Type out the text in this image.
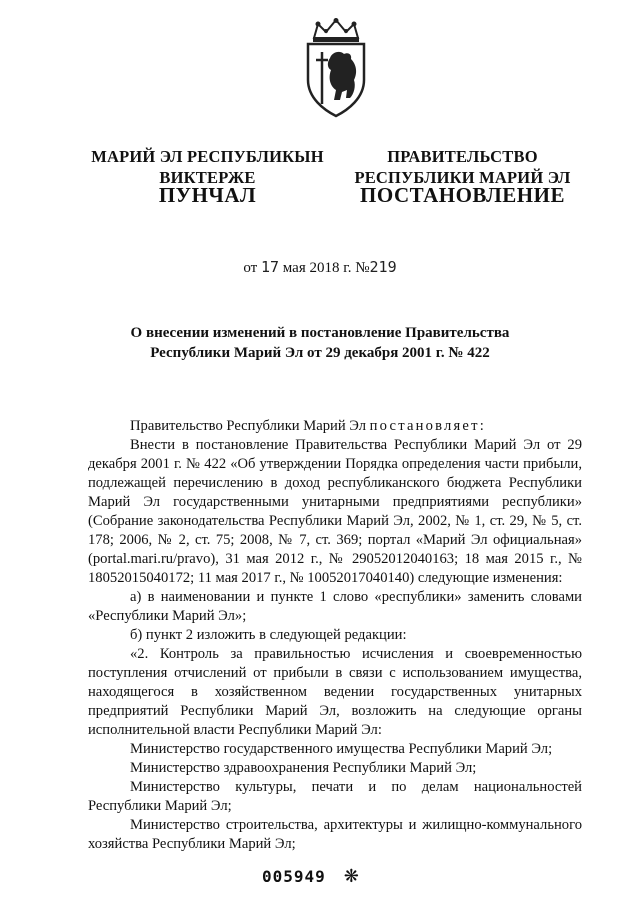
МАРИЙ ЭЛ РЕСПУБЛИКЫН
ВИКТЕРЖЕ
ПРАВИТЕЛЬСТВО
РЕСПУБЛИКИ МАРИЙ ЭЛ
ПУНЧАЛ	ПОСТАНОВЛЕНИЕ
от 17 мая 2018 г. №219
О внесении изменений в постановление Правительства
Республики Марий Эл от 29 декабря 2001 г. № 422

Правительство Республики Марий Эл постановляет:

Внести в постановление Правительства Республики Марий Эл от 29 декабря 2001 г. № 422 «Об утверждении Порядка определения части прибыли, подлежащей перечислению в доход республиканского бюджета Республики Марий Эл государственными унитарными предприятиями республики» (Собрание законодательства Республики Марий Эл, 2002, № 1, ст. 29, № 5, ст. 178; 2006, № 2, ст. 75; 2008, № 7, ст. 369; портал «Марий Эл официальная» (portal.mari.ru/pravo), 31 мая 2012 г., № 29052012040163; 18 мая 2015 г., № 18052015040172; 11 мая 2017 г., № 10052017040140) следующие изменения:

а) в наименовании и пункте 1 слово «республики» заменить словами «Республики Марий Эл»;

б) пункт 2 изложить в следующей редакции:

«2. Контроль за правильностью исчисления и своевременностью поступления отчислений от прибыли в связи с использованием имущества, находящегося в хозяйственном ведении государственных унитарных предприятий Республики Марий Эл, возложить на следующие органы исполнительной власти Республики Марий Эл:

Министерство государственного имущества Республики Марий Эл;

Министерство здравоохранения Республики Марий Эл;

Министерство культуры, печати и по делам национальностей Республики Марий Эл;

Министерство строительства, архитектуры и жилищно-коммунального хозяйства Республики Марий Эл;

005949 ❋
